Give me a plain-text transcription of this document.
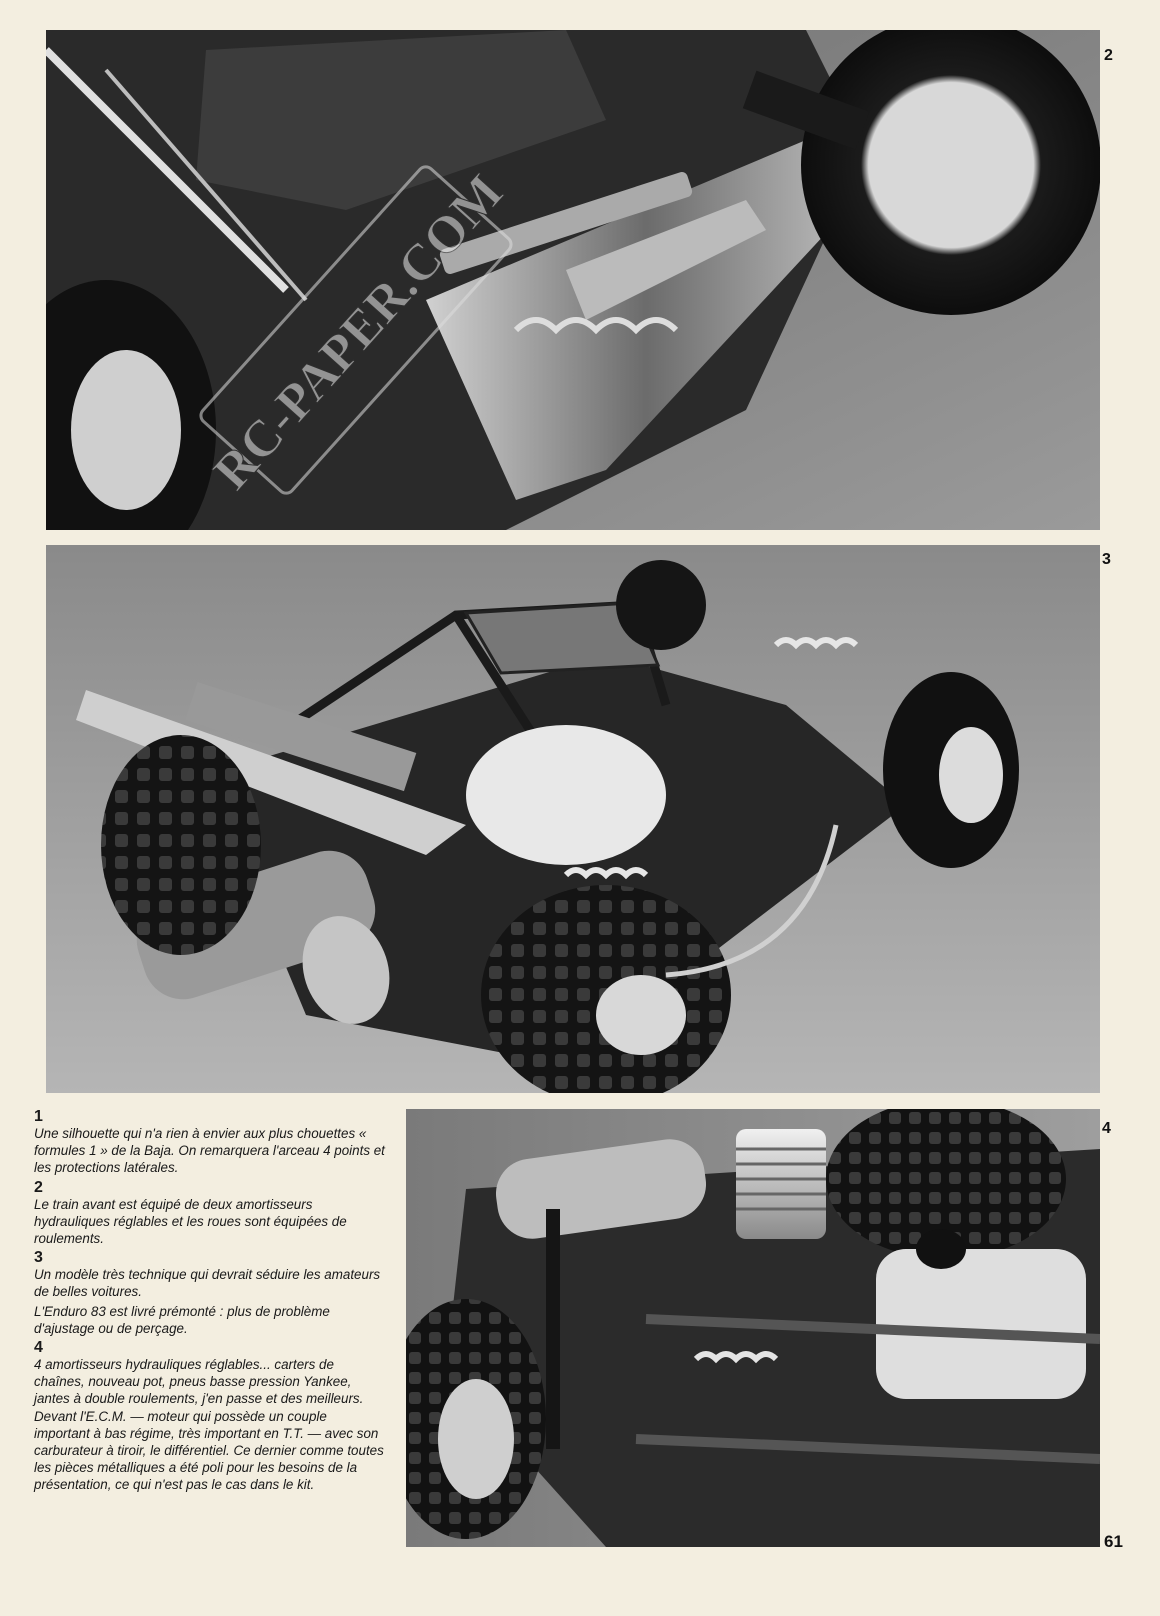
RC-PAPER.COM
2
3
1

Une silhouette qui n'a rien à envier aux plus chouettes « formules 1 » de la Baja. On remarquera l'arceau 4 points et les protections latérales.

2

Le train avant est équipé de deux amortisseurs hydrauliques réglables et les roues sont équipées de roulements.

3

Un modèle très technique qui devrait séduire les amateurs de belles voitures.

L'Enduro 83 est livré prémonté : plus de problème d'ajustage ou de perçage.

4

4 amortisseurs hydrauliques réglables... carters de chaînes, nouveau pot, pneus basse pression Yankee, jantes à double roulements, j'en passe et des meilleurs. Devant l'E.C.M. — moteur qui possède un couple important à bas régime, très important en T.T. — avec son carburateur à tiroir, le différentiel. Ce dernier comme toutes les pièces métalliques a été poli pour les besoins de la présentation, ce qui n'est pas le cas dans le kit.

4
61
